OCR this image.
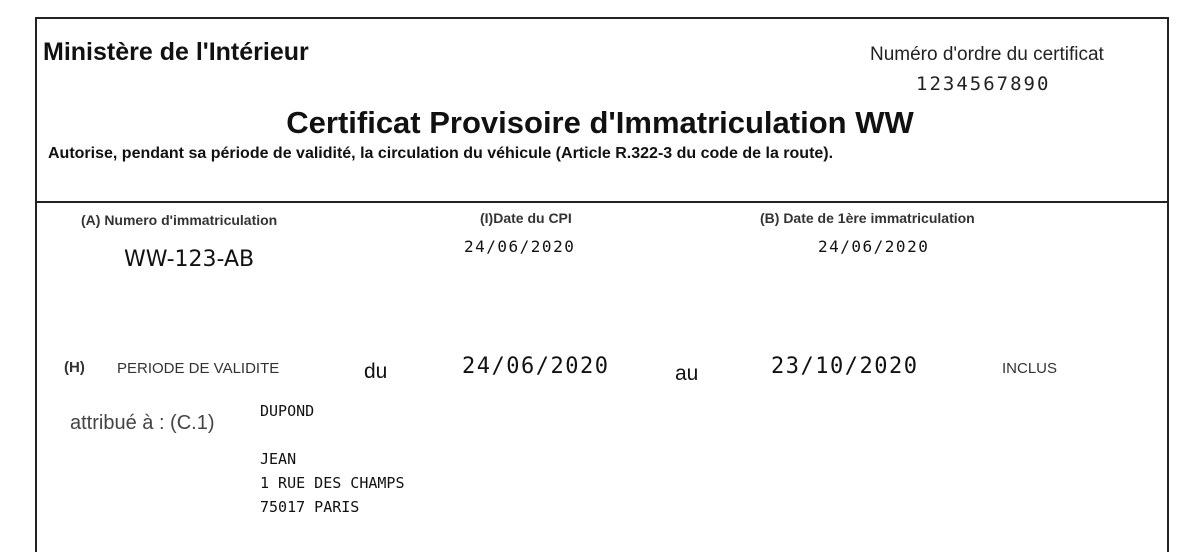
Ministère de l'Intérieur	Numéro d'ordre du certificat
1234567890
Certificat Provisoire d'Immatriculation WW
Autorise, pendant sa période de validité, la circulation du véhicule (Article R.322-3 du code de la route).
(A) Numero d'immatriculation	(I)Date du CPI	(B) Date de 1ère immatriculation
WW-123-AB
24/06/2020	24/06/2020
(H) PERIODE DE VALIDITE	du	24/06/2020	au	23/10/2020	INCLUS
attribué à : (C.1)
DUPOND
JEAN
1 RUE DES CHAMPS
75017 PARIS
